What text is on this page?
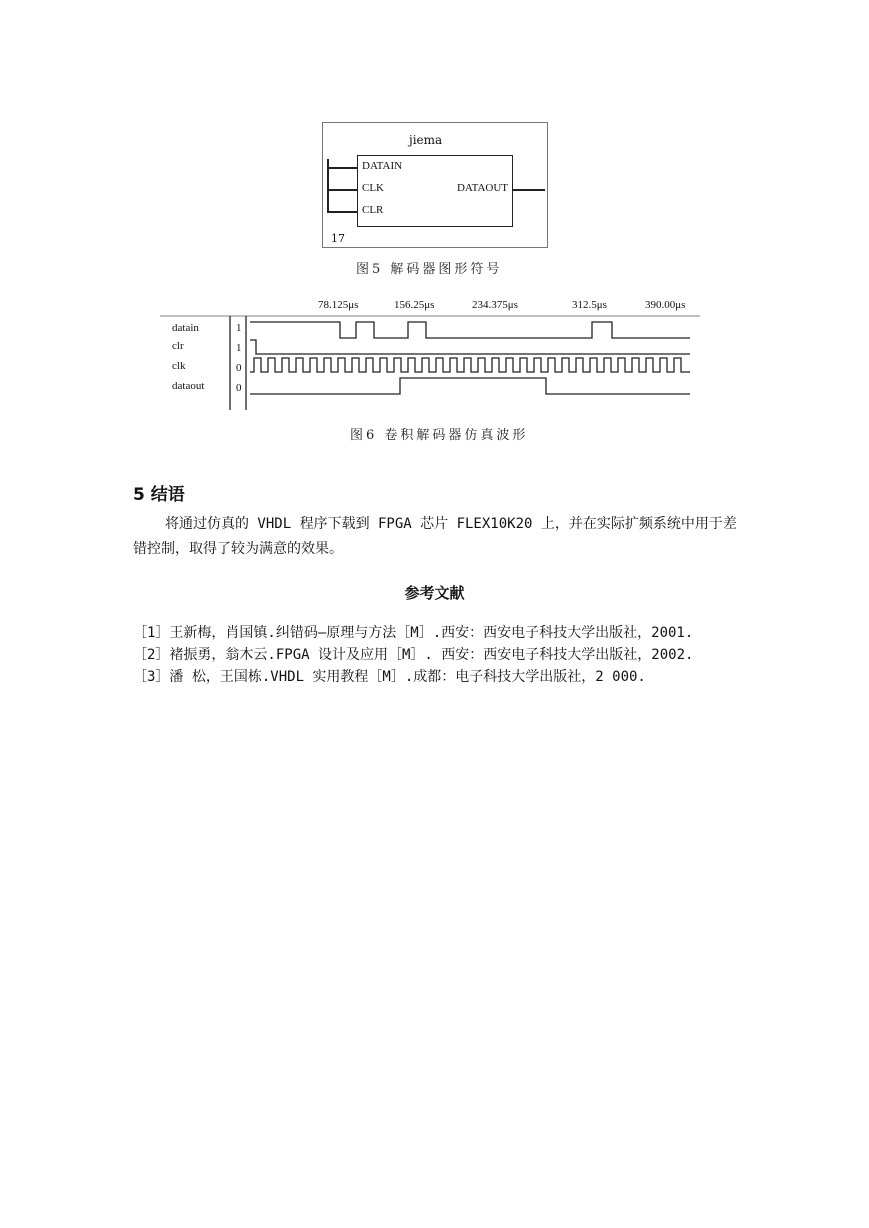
jiema
DATAIN
CLK
CLR
DATAOUT
17
图5 解码器图形符号
78.125μs	156.25μs	234.375μs	312.5μs	390.00μs
datain
clr
clk
dataout
1
1
0
0
图6 卷积解码器仿真波形
5 结语
将通过仿真的 VHDL 程序下载到 FPGA 芯片 FLEX10K20 上，并在实际扩频系统中用于差错控制，取得了较为满意的效果。
参考文献

［1］王新梅，肖国镇.纠错码—原理与方法［M］.西安：西安电子科技大学出版社，2001.

［2］褚振勇，翁木云.FPGA 设计及应用［M］. 西安：西安电子科技大学出版社，2002.

［3］潘 松，王国栋.VHDL 实用教程［M］.成都：电子科技大学出版社，2 000.
